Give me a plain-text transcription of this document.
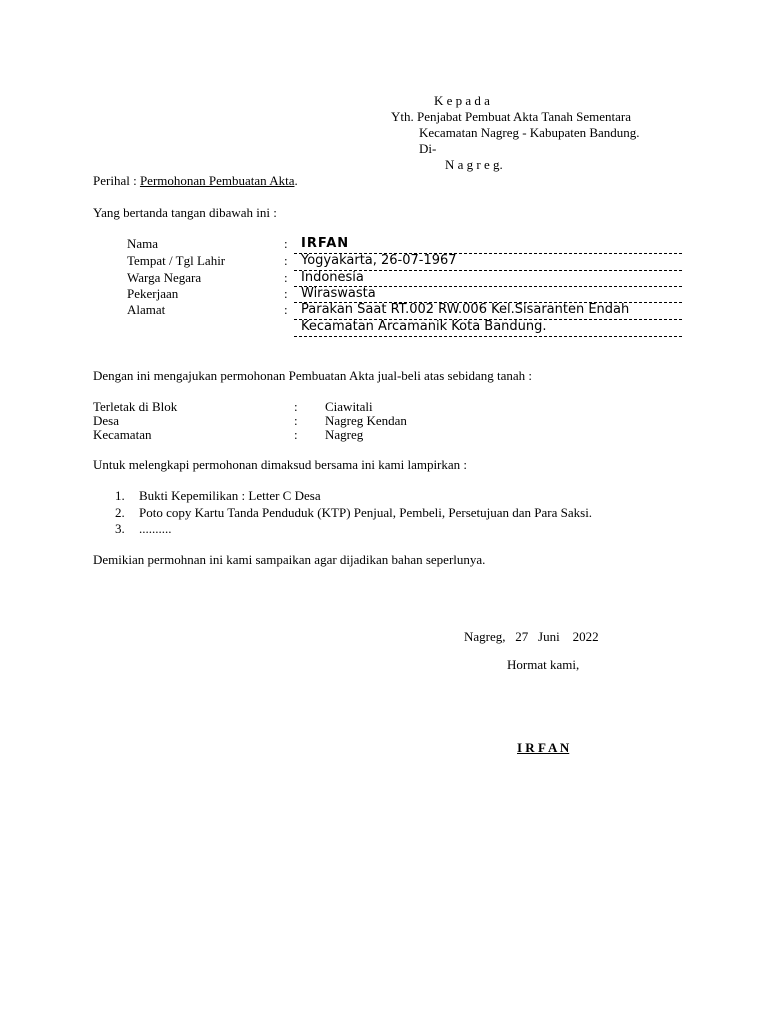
K e p a d a
Yth. Penjabat Pembuat Akta Tanah Sementara
Kecamatan Nagreg - Kabupaten Bandung.
Di-
N a g r e g.
Perihal : Permohonan Pembuatan Akta.
Yang bertanda tangan dibawah ini :
Nama	: IRFAN
Tempat / Tgl Lahir	: Yogyakarta, 26-07-1967
Warga Negara	: Indonesia
Pekerjaan	: Wiraswasta
Alamat	: Parakan Saat RT.002 RW.006 Kel.Sisaranten Endah
Kecamatan Arcamanik Kota Bandung.
Dengan ini mengajukan permohonan Pembuatan Akta jual-beli atas sebidang tanah :
Terletak di Blok	: Ciawitali
Desa	: Nagreg Kendan
Kecamatan	: Nagreg
Untuk melengkapi permohonan dimaksud bersama ini kami lampirkan :
1. Bukti Kepemilikan : Letter C Desa
2. Poto copy Kartu Tanda Penduduk (KTP) Penjual, Pembeli, Persetujuan dan Para Saksi.
3. ..........
Demikian permohnan ini kami sampaikan agar dijadikan bahan seperlunya.
Nagreg,   27   Juni    2022
Hormat kami,
I R F A N
